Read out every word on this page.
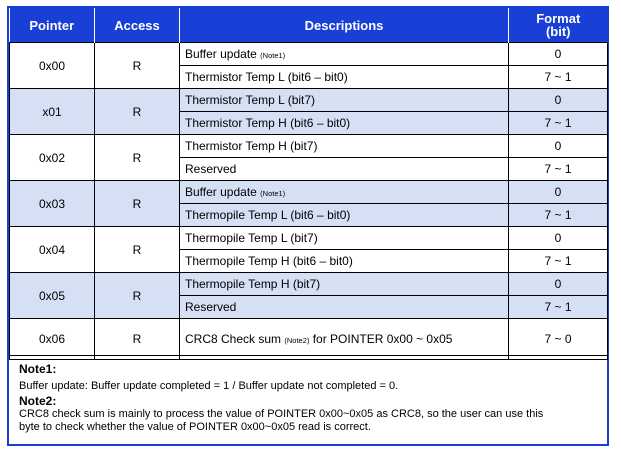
Pointer	Access	Descriptions	Format
(bit)
0x00	R	Buffer update (Note1)	0
		Thermistor Temp L (bit6 – bit0)	7 ~ 1
x01	R	Thermistor Temp L (bit7)	0
		Thermistor Temp H (bit6 – bit0)	7 ~ 1
0x02	R	Thermistor Temp H (bit7)	0
		Reserved	7 ~ 1
0x03	R	Buffer update (Note1)	0
		Thermopile Temp L (bit6 – bit0)	7 ~ 1
0x04	R	Thermopile Temp L (bit7)	0
		Thermopile Temp H (bit6 – bit0)	7 ~ 1
0x05	R	Thermopile Temp H (bit7)	0
		Reserved	7 ~ 1
0x06	R	CRC8 Check sum (Note2) for POINTER 0x00 ~ 0x05	7 ~ 0

Note1:

Buffer update: Buffer update completed = 1 / Buffer update not completed = 0.

Note2:

CRC8 check sum is mainly to process the value of POINTER 0x00~0x05 as CRC8, so the user can use this

byte to check whether the value of POINTER 0x00~0x05 read is correct.
